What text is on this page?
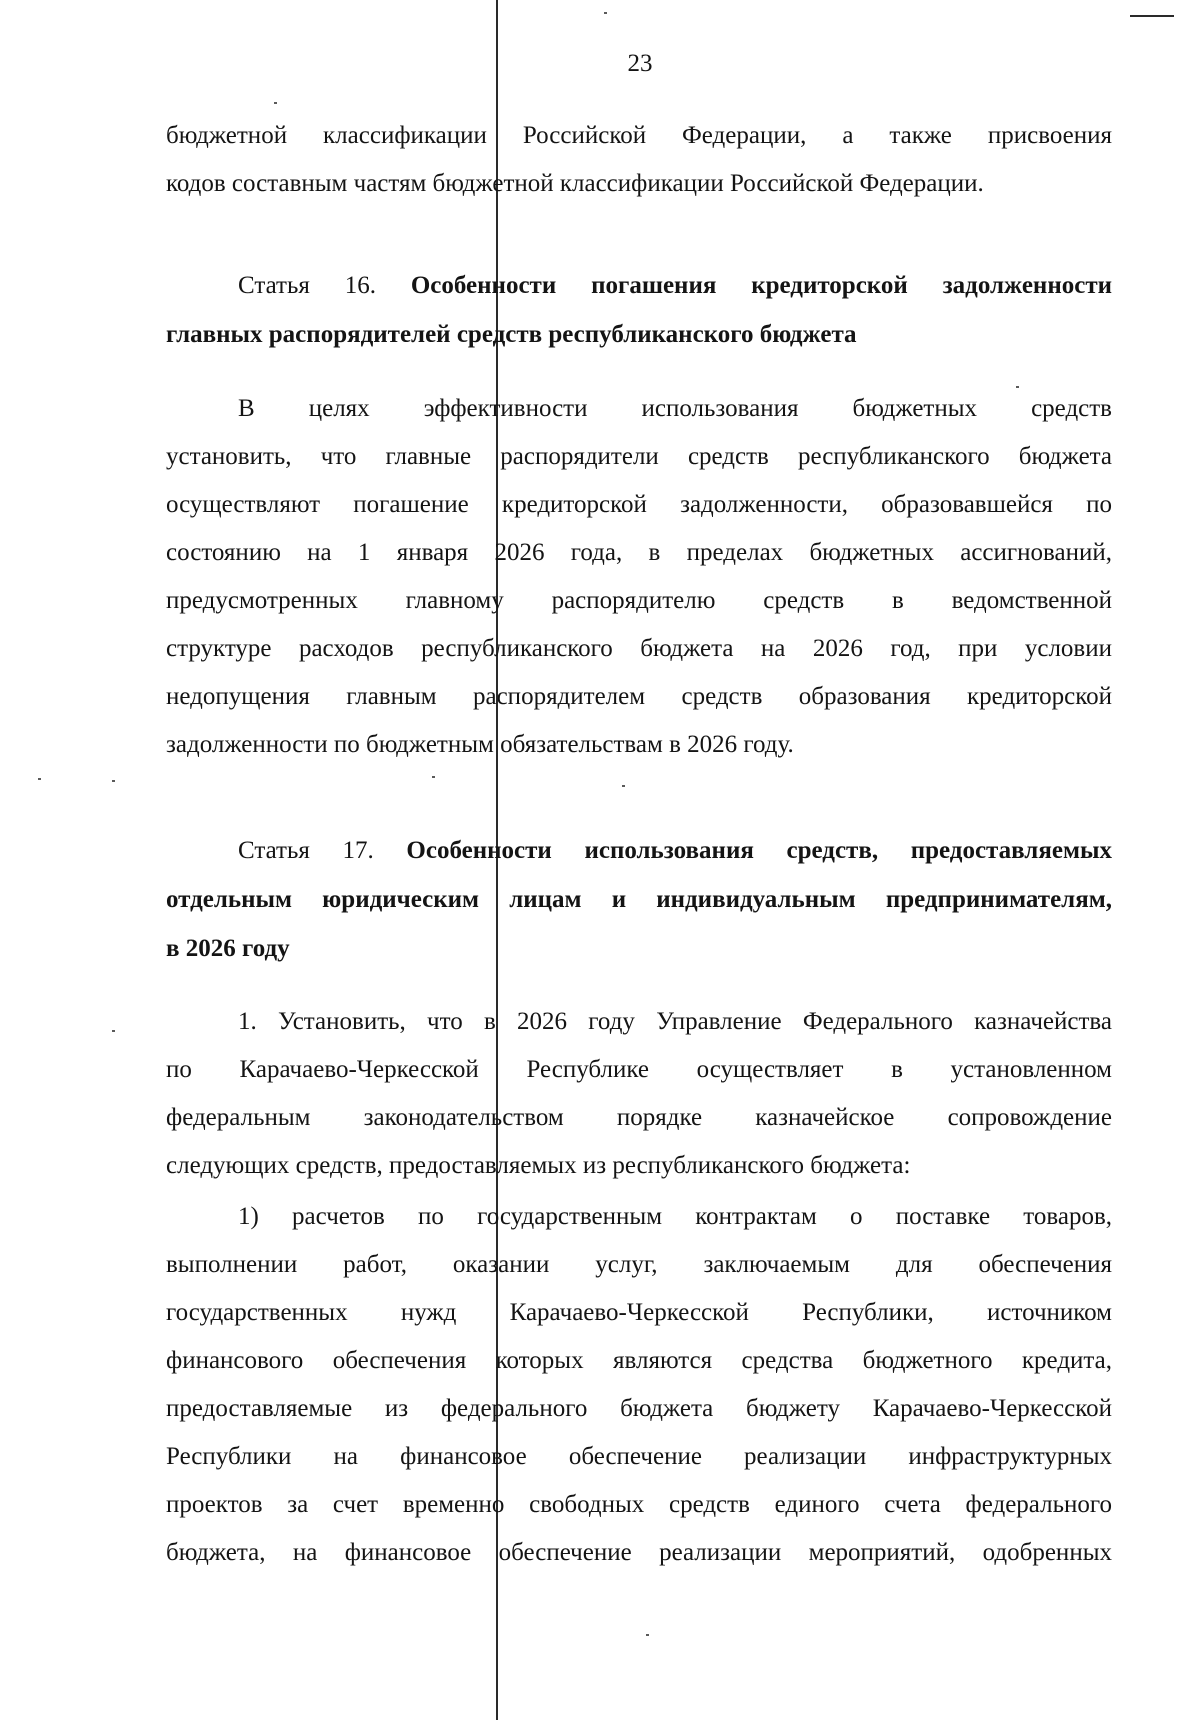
23
бюджетной классификации Российской Федерации, а также присвоения
кодов составным частям бюджетной классификации Российской Федерации.
Статья 16. Особенности погашения кредиторской задолженности
главных распорядителей средств республиканского бюджета
В целях эффективности использования бюджетных средств
установить, что главные распорядители средств республиканского бюджета
осуществляют погашение кредиторской задолженности, образовавшейся по
состоянию на 1 января 2026 года, в пределах бюджетных ассигнований,
предусмотренных главному распорядителю средств в ведомственной
структуре расходов республиканского бюджета на 2026 год, при условии
недопущения главным распорядителем средств образования кредиторской
задолженности по бюджетным обязательствам в 2026 году.
Статья 17. Особенности использования средств, предоставляемых
отдельным юридическим лицам и индивидуальным предпринимателям,
в 2026 году
1. Установить, что в 2026 году Управление Федерального казначейства
по Карачаево-Черкесской Республике осуществляет в установленном
федеральным законодательством порядке казначейское сопровождение
следующих средств, предоставляемых из республиканского бюджета:
1) расчетов по государственным контрактам о поставке товаров,
выполнении работ, оказании услуг, заключаемым для обеспечения
государственных нужд Карачаево-Черкесской Республики, источником
финансового обеспечения которых являются средства бюджетного кредита,
предоставляемые из федерального бюджета бюджету Карачаево-Черкесской
Республики на финансовое обеспечение реализации инфраструктурных
проектов за счет временно свободных средств единого счета федерального
бюджета, на финансовое обеспечение реализации мероприятий, одобренных
